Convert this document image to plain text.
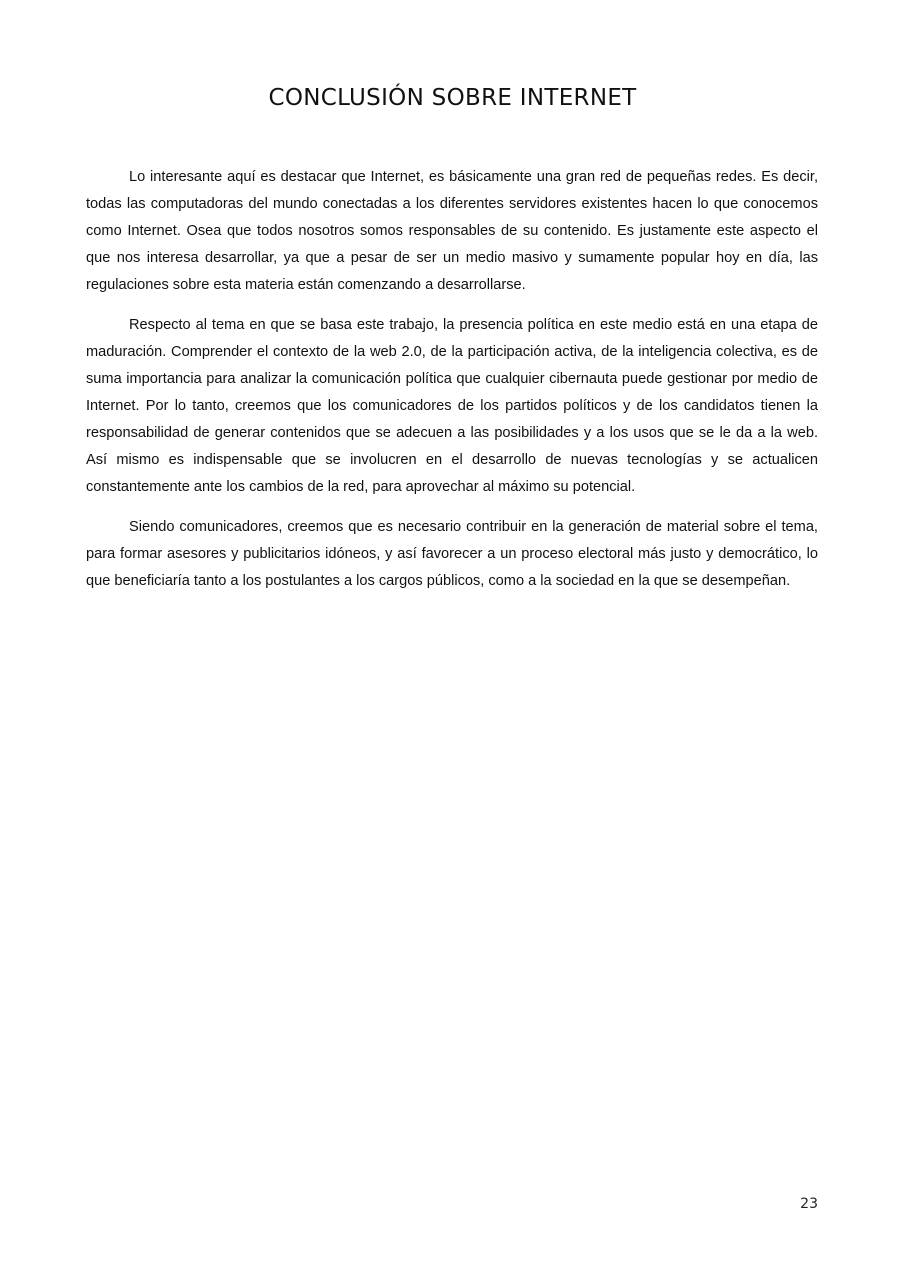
CONCLUSIÓN SOBRE INTERNET

Lo interesante aquí es destacar que Internet, es básicamente una gran red de pequeñas redes. Es decir, todas las computadoras del mundo conectadas a los diferentes servidores existentes hacen lo que conocemos como Internet. Osea que todos nosotros somos responsables de su contenido. Es justamente este aspecto el que nos interesa desarrollar, ya que a pesar de ser un medio masivo y sumamente popular hoy en día, las regulaciones sobre esta materia están comenzando a desarrollarse.

Respecto al tema en que se basa este trabajo, la presencia política en este medio está en una etapa de maduración. Comprender el contexto de la web 2.0, de la participación activa, de la inteligencia colectiva, es de suma importancia para analizar la comunicación política que cualquier cibernauta puede gestionar por medio de Internet. Por lo tanto, creemos que los comunicadores de los partidos políticos y de los candidatos tienen la responsabilidad de generar contenidos que se adecuen a las posibilidades y a los usos que se le da a la web. Así mismo es indispensable que se involucren en el desarrollo de nuevas tecnologías y se actualicen constantemente ante los cambios de la red, para aprovechar al máximo su potencial.

Siendo comunicadores, creemos que es necesario contribuir en la generación de material sobre el tema, para formar asesores y publicitarios idóneos, y así favorecer a un proceso electoral más justo y democrático, lo que beneficiaría tanto a los postulantes a los cargos públicos, como a la sociedad en la que se desempeñan.

23
